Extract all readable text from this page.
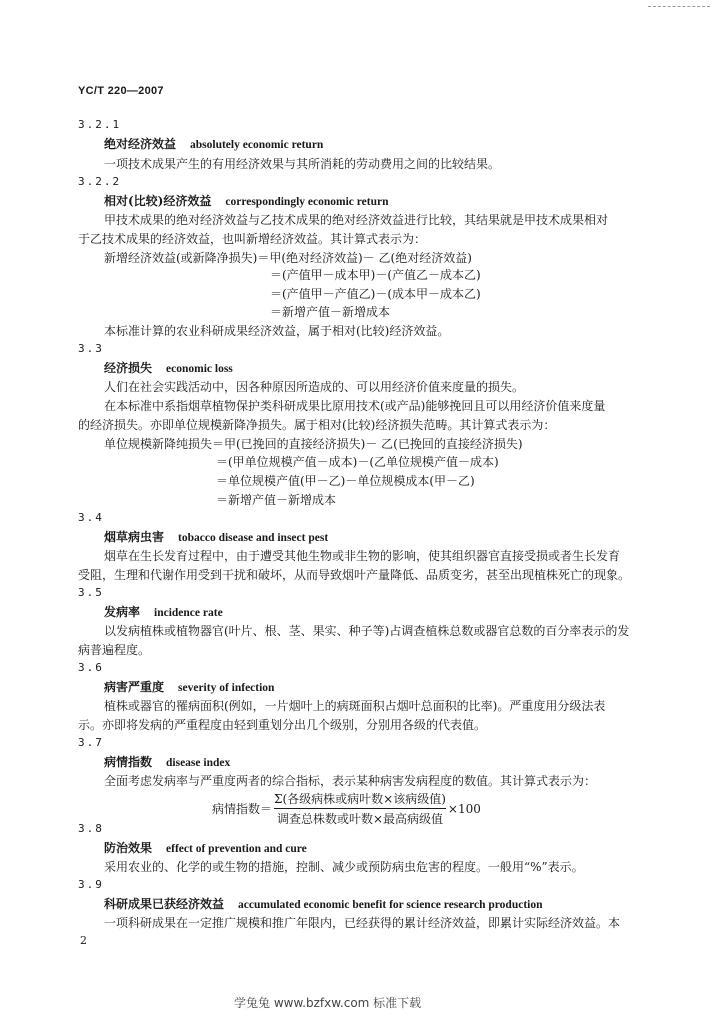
YC/T 220—2007
3.2.1
绝对经济效益 absolutely economic return
一项技术成果产生的有用经济效果与其所消耗的劳动费用之间的比较结果。
3.2.2
相对(比较)经济效益 correspondingly economic return
甲技术成果的绝对经济效益与乙技术成果的绝对经济效益进行比较，其结果就是甲技术成果相对
于乙技术成果的经济效益，也叫新增经济效益。其计算式表示为：
新增经济效益(或新降净损失)＝甲(绝对经济效益)－ 乙(绝对经济效益)
＝(产值甲－成本甲)－(产值乙－成本乙)
＝(产值甲－产值乙)－(成本甲－成本乙)
＝新增产值－新增成本
本标准计算的农业科研成果经济效益，属于相对(比较)经济效益。
3.3
经济损失 economic loss
人们在社会实践活动中，因各种原因所造成的、可以用经济价值来度量的损失。
在本标准中系指烟草植物保护类科研成果比原用技术(或产品)能够挽回且可以用经济价值来度量
的经济损失。亦即单位规模新降净损失。属于相对(比较)经济损失范畴。其计算式表示为：
单位规模新降纯损失＝甲(已挽回的直接经济损失)－ 乙(已挽回的直接经济损失)
＝(甲单位规模产值－成本)－(乙单位规模产值－成本)
＝单位规模产值(甲－乙)－单位规模成本(甲－乙)
＝新增产值－新增成本
3.4
烟草病虫害 tobacco disease and insect pest
烟草在生长发育过程中，由于遭受其他生物或非生物的影响，使其组织器官直接受损或者生长发育
受阻，生理和代谢作用受到干扰和破坏，从而导致烟叶产量降低、品质变劣，甚至出现植株死亡的现象。
3.5
发病率 incidence rate
以发病植株或植物器官(叶片、根、茎、果实、种子等)占调查植株总数或器官总数的百分率表示的发
病普遍程度。
3.6
病害严重度 severity of infection
植株或器官的罹病面积(例如，一片烟叶上的病斑面积占烟叶总面积的比率)。严重度用分级法表
示。亦即将发病的严重程度由轻到重划分出几个级别，分别用各级的代表值。
3.7
病情指数 disease index
全面考虑发病率与严重度两者的综合指标，表示某种病害发病程度的数值。其计算式表示为：
病情指数＝
Σ(各级病株或病叶数×该病级值)
调查总株数或叶数×最高病级值
×100
3.8
防治效果 effect of prevention and cure
采用农业的、化学的或生物的措施，控制、减少或预防病虫危害的程度。一般用“%”表示。
3.9
科研成果已获经济效益 accumulated economic benefit for science research production
一项科研成果在一定推广规模和推广年限内，已经获得的累计经济效益，即累计实际经济效益。本
2
学兔兔 www.bzfxw.com 标准下载
